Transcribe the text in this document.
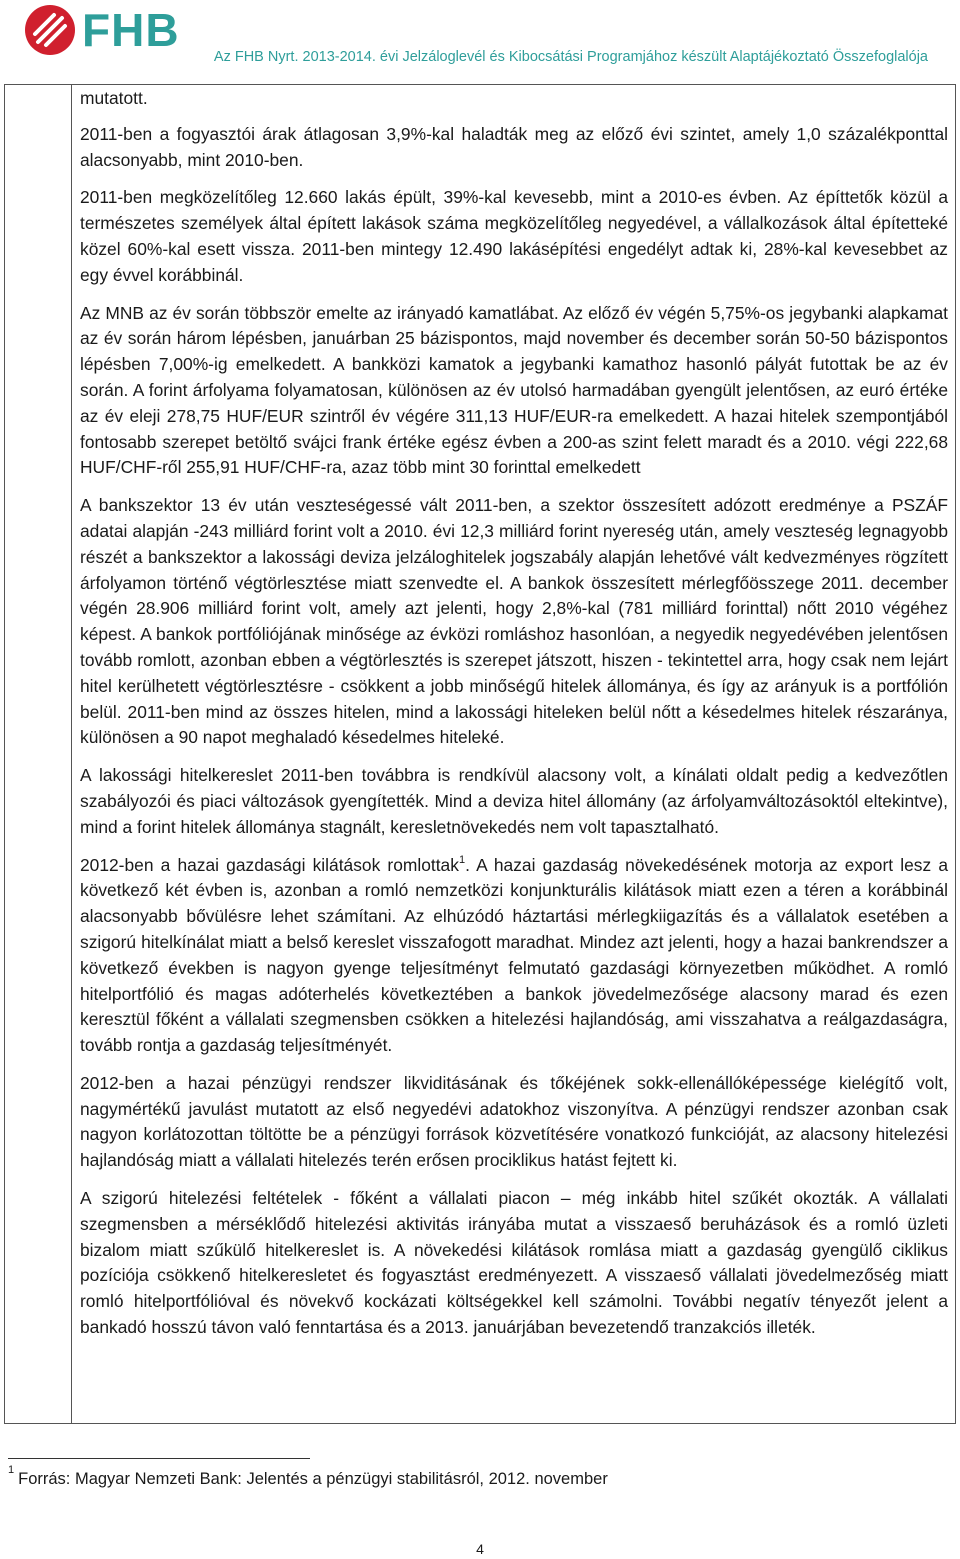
FHB
Az FHB Nyrt. 2013-2014. évi Jelzáloglevél és Kibocsátási Programjához készült Alaptájékoztató Összefoglalója

mutatott.

2011-ben a fogyasztói árak átlagosan 3,9%-kal haladták meg az előző évi szintet, amely 1,0 százalékponttal alacsonyabb, mint 2010-ben.

2011-ben megközelítőleg 12.660 lakás épült, 39%-kal kevesebb, mint a 2010-es évben. Az építtetők közül a természetes személyek által épített lakások száma megközelítőleg negyedével, a vállalkozások által építetteké közel 60%-kal esett vissza. 2011-ben mintegy 12.490 lakásépítési engedélyt adtak ki, 28%-kal kevesebbet az egy évvel korábbinál.

Az MNB az év során többször emelte az irányadó kamatlábat. Az előző év végén 5,75%-os jegybanki alapkamat az év során három lépésben, januárban 25 bázispontos, majd november és december során 50-50 bázispontos lépésben 7,00%-ig emelkedett. A bankközi kamatok a jegybanki kamathoz hasonló pályát futottak be az év során. A forint árfolyama folyamatosan, különösen az év utolsó harmadában gyengült jelentősen, az euró értéke az év eleji 278,75 HUF/EUR szintről év végére 311,13 HUF/EUR-ra emelkedett. A hazai hitelek szempontjából fontosabb szerepet betöltő svájci frank értéke egész évben a 200-as szint felett maradt és a 2010. végi 222,68 HUF/CHF-ről 255,91 HUF/CHF-ra, azaz több mint 30 forinttal emelkedett

A bankszektor 13 év után veszteségessé vált 2011-ben, a szektor összesített adózott eredménye a PSZÁF adatai alapján -243 milliárd forint volt a 2010. évi 12,3 milliárd forint nyereség után, amely veszteség legnagyobb részét a bankszektor a lakossági deviza jelzáloghitelek jogszabály alapján lehetővé vált kedvezményes rögzített árfolyamon történő végtörlesztése miatt szenvedte el. A bankok összesített mérlegfőösszege 2011. december végén 28.906 milliárd forint volt, amely azt jelenti, hogy 2,8%-kal (781 milliárd forinttal) nőtt 2010 végéhez képest. A bankok portfóliójának minősége az évközi romláshoz hasonlóan, a negyedik negyedévében jelentősen tovább romlott, azonban ebben a végtörlesztés is szerepet játszott, hiszen - tekintettel arra, hogy csak nem lejárt hitel kerülhetett végtörlesztésre - csökkent a jobb minőségű hitelek állománya, és így az arányuk is a portfólión belül. 2011-ben mind az összes hitelen, mind a lakossági hiteleken belül nőtt a késedelmes hitelek részaránya, különösen a 90 napot meghaladó késedelmes hiteleké.

A lakossági hitelkereslet 2011-ben továbbra is rendkívül alacsony volt, a kínálati oldalt pedig a kedvezőtlen szabályozói és piaci változások gyengítették. Mind a deviza hitel állomány (az árfolyamváltozásoktól eltekintve), mind a forint hitelek állománya stagnált, keresletnövekedés nem volt tapasztalható.

2012-ben a hazai gazdasági kilátások romlottak$^1$. A hazai gazdaság növekedésének motorja az export lesz a következő két évben is, azonban a romló nemzetközi konjunkturális kilátások miatt ezen a téren a korábbinál alacsonyabb bővülésre lehet számítani. Az elhúzódó háztartási mérlegkiigazítás és a vállalatok esetében a szigorú hitelkínálat miatt a belső kereslet visszafogott maradhat. Mindez azt jelenti, hogy a hazai bankrendszer a következő években is nagyon gyenge teljesítményt felmutató gazdasági környezetben működhet. A romló hitelportfólió és magas adóterhelés következtében a bankok jövedelmezősége alacsony marad és ezen keresztül főként a vállalati szegmensben csökken a hitelezési hajlandóság, ami visszahatva a reálgazdaságra, tovább rontja a gazdaság teljesítményét.

2012-ben a hazai pénzügyi rendszer likviditásának és tőkéjének sokk-ellenállóképessége kielégítő volt, nagymértékű javulást mutatott az első negyedévi adatokhoz viszonyítva. A pénzügyi rendszer azonban csak nagyon korlátozottan töltötte be a pénzügyi források közvetítésére vonatkozó funkcióját, az alacsony hitelezési hajlandóság miatt a vállalati hitelezés terén erősen prociklikus hatást fejtett ki.

A szigorú hitelezési feltételek - főként a vállalati piacon – még inkább hitel szűkét okozták. A vállalati szegmensben a mérséklődő hitelezési aktivitás irányába mutat a visszaeső beruházások és a romló üzleti bizalom miatt szűkülő hitelkereslet is. A növekedési kilátások romlása miatt a gazdaság gyengülő ciklikus pozíciója csökkenő hitelkeresletet és fogyasztást eredményezett. A visszaeső vállalati jövedelmezőség miatt romló hitelportfólióval és növekvő kockázati költségekkel kell számolni. További negatív tényezőt jelent a bankadó hosszú távon való fenntartása és a 2013. januárjában bevezetendő tranzakciós illeték.

$^1$Forrás: Magyar Nemzeti Bank: Jelentés a pénzügyi stabilitásról, 2012. november
4
